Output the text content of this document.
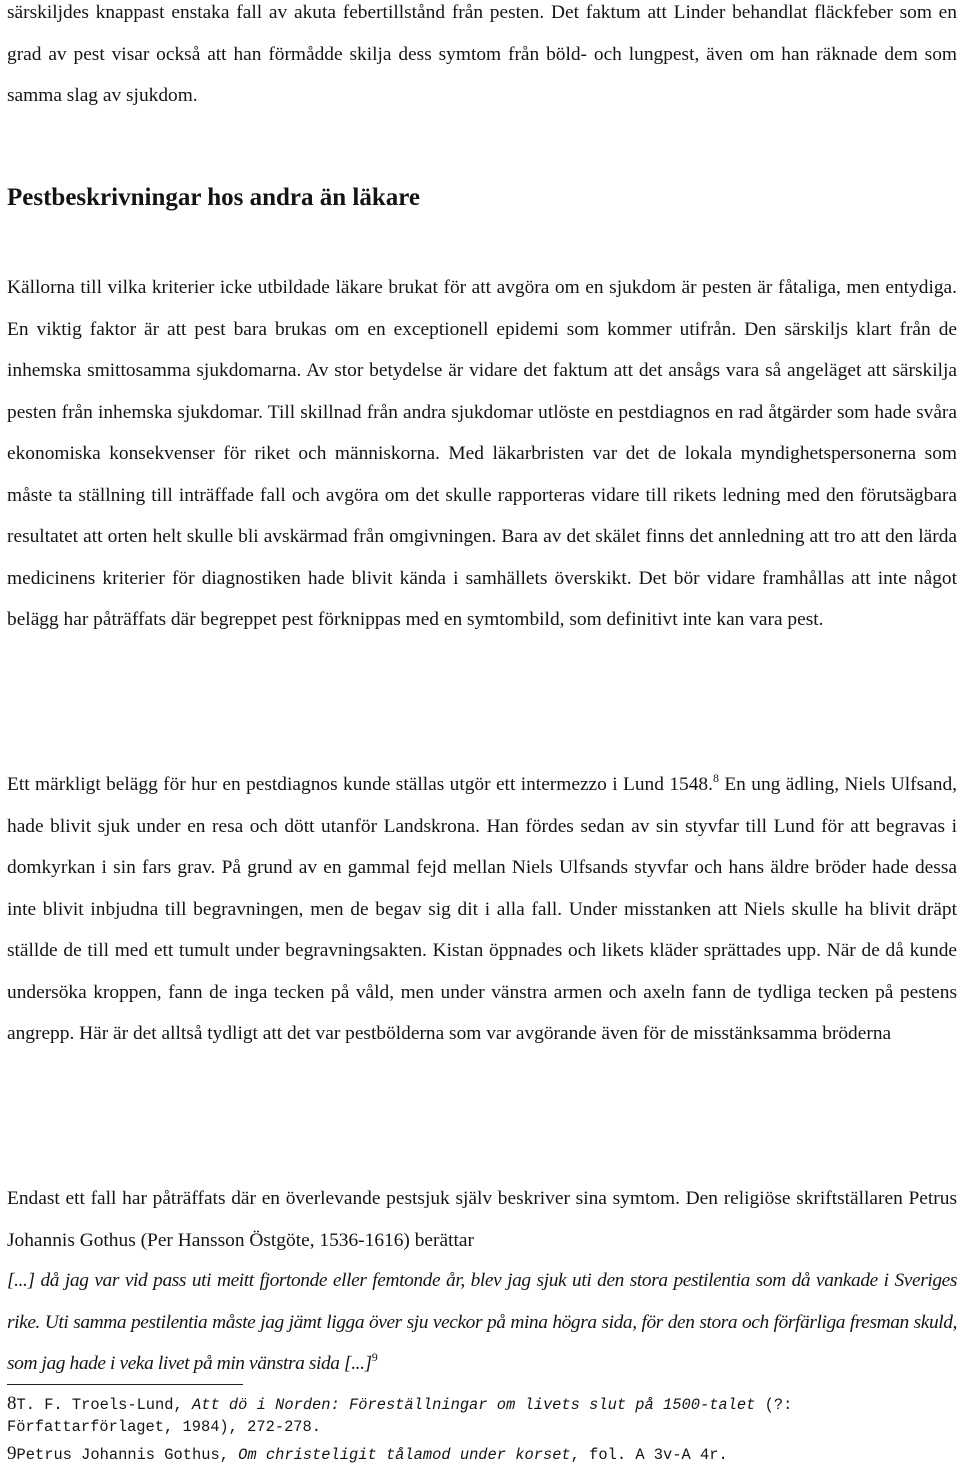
särskiljdes knappast enstaka fall av akuta febertillstånd från pesten. Det faktum att Linder behandlat fläckfeber som en grad av pest visar också att han förmådde skilja dess symtom från böld- och lungpest, även om han räknade dem som samma slag av sjukdom.

Pestbeskrivningar hos andra än läkare

Källorna till vilka kriterier icke utbildade läkare brukat för att avgöra om en sjukdom är pesten är fåtaliga, men entydiga. En viktig faktor är att pest bara brukas om en exceptionell epidemi som kommer utifrån. Den särskiljs klart från de inhemska smittosamma sjukdomarna. Av stor betydelse är vidare det faktum att det ansågs vara så angeläget att särskilja pesten från inhemska sjukdomar. Till skillnad från andra sjukdomar utlöste en pestdiagnos en rad åtgärder som hade svåra ekonomiska konsekvenser för riket och människorna. Med läkarbristen var det de lokala myndighetspersonerna som måste ta ställning till inträffade fall och avgöra om det skulle rapporteras vidare till rikets ledning med den förutsägbara resultatet att orten helt skulle bli avskärmad från omgivningen. Bara av det skälet finns det annledning att tro att den lärda medicinens kriterier för diagnostiken hade blivit kända i samhällets överskikt. Det bör vidare framhållas att inte något belägg har påträffats där begreppet pest förknippas med en symtombild, som definitivt inte kan vara pest.

Ett märkligt belägg för hur en pestdiagnos kunde ställas utgör ett intermezzo i Lund 1548.$^8$ En ung ädling, Niels Ulfsand, hade blivit sjuk under en resa och dött utanför Landskrona. Han fördes sedan av sin styvfar till Lund för att begravas i domkyrkan i sin fars grav. På grund av en gammal fejd mellan Niels Ulfsands styvfar och hans äldre bröder hade dessa inte blivit inbjudna till begravningen, men de begav sig dit i alla fall. Under misstanken att Niels skulle ha blivit dräpt ställde de till med ett tumult under begravningsakten. Kistan öppnades och likets kläder sprättades upp. När de då kunde undersöka kroppen, fann de inga tecken på våld, men under vänstra armen och axeln fann de tydliga tecken på pestens angrepp. Här är det alltså tydligt att det var pestbölderna som var avgörande även för de misstänksamma bröderna

Endast ett fall har påträffats där en överlevande pestsjuk själv beskriver sina symtom. Den religiöse skriftställaren Petrus Johannis Gothus (Per Hansson Östgöte, 1536-1616) berättar

[...] då jag var vid pass uti meitt fjortonde eller femtonde år, blev jag sjuk uti den stora pestilentia som då vankade i Sveriges rike. Uti samma pestilentia måste jag jämt ligga över sju veckor på mina högra sida, för den stora och förfärliga fresman skuld, som jag hade i veka livet på min vänstra sida [...]$^9$

8T. F. Troels-Lund, Att dö i Norden: Föreställningar om livets slut på 1500-talet (?:

Författarförlaget, 1984), 272-278.

9Petrus Johannis Gothus, Om christeligit tålamod under korset, fol. A 3v-A 4r.
